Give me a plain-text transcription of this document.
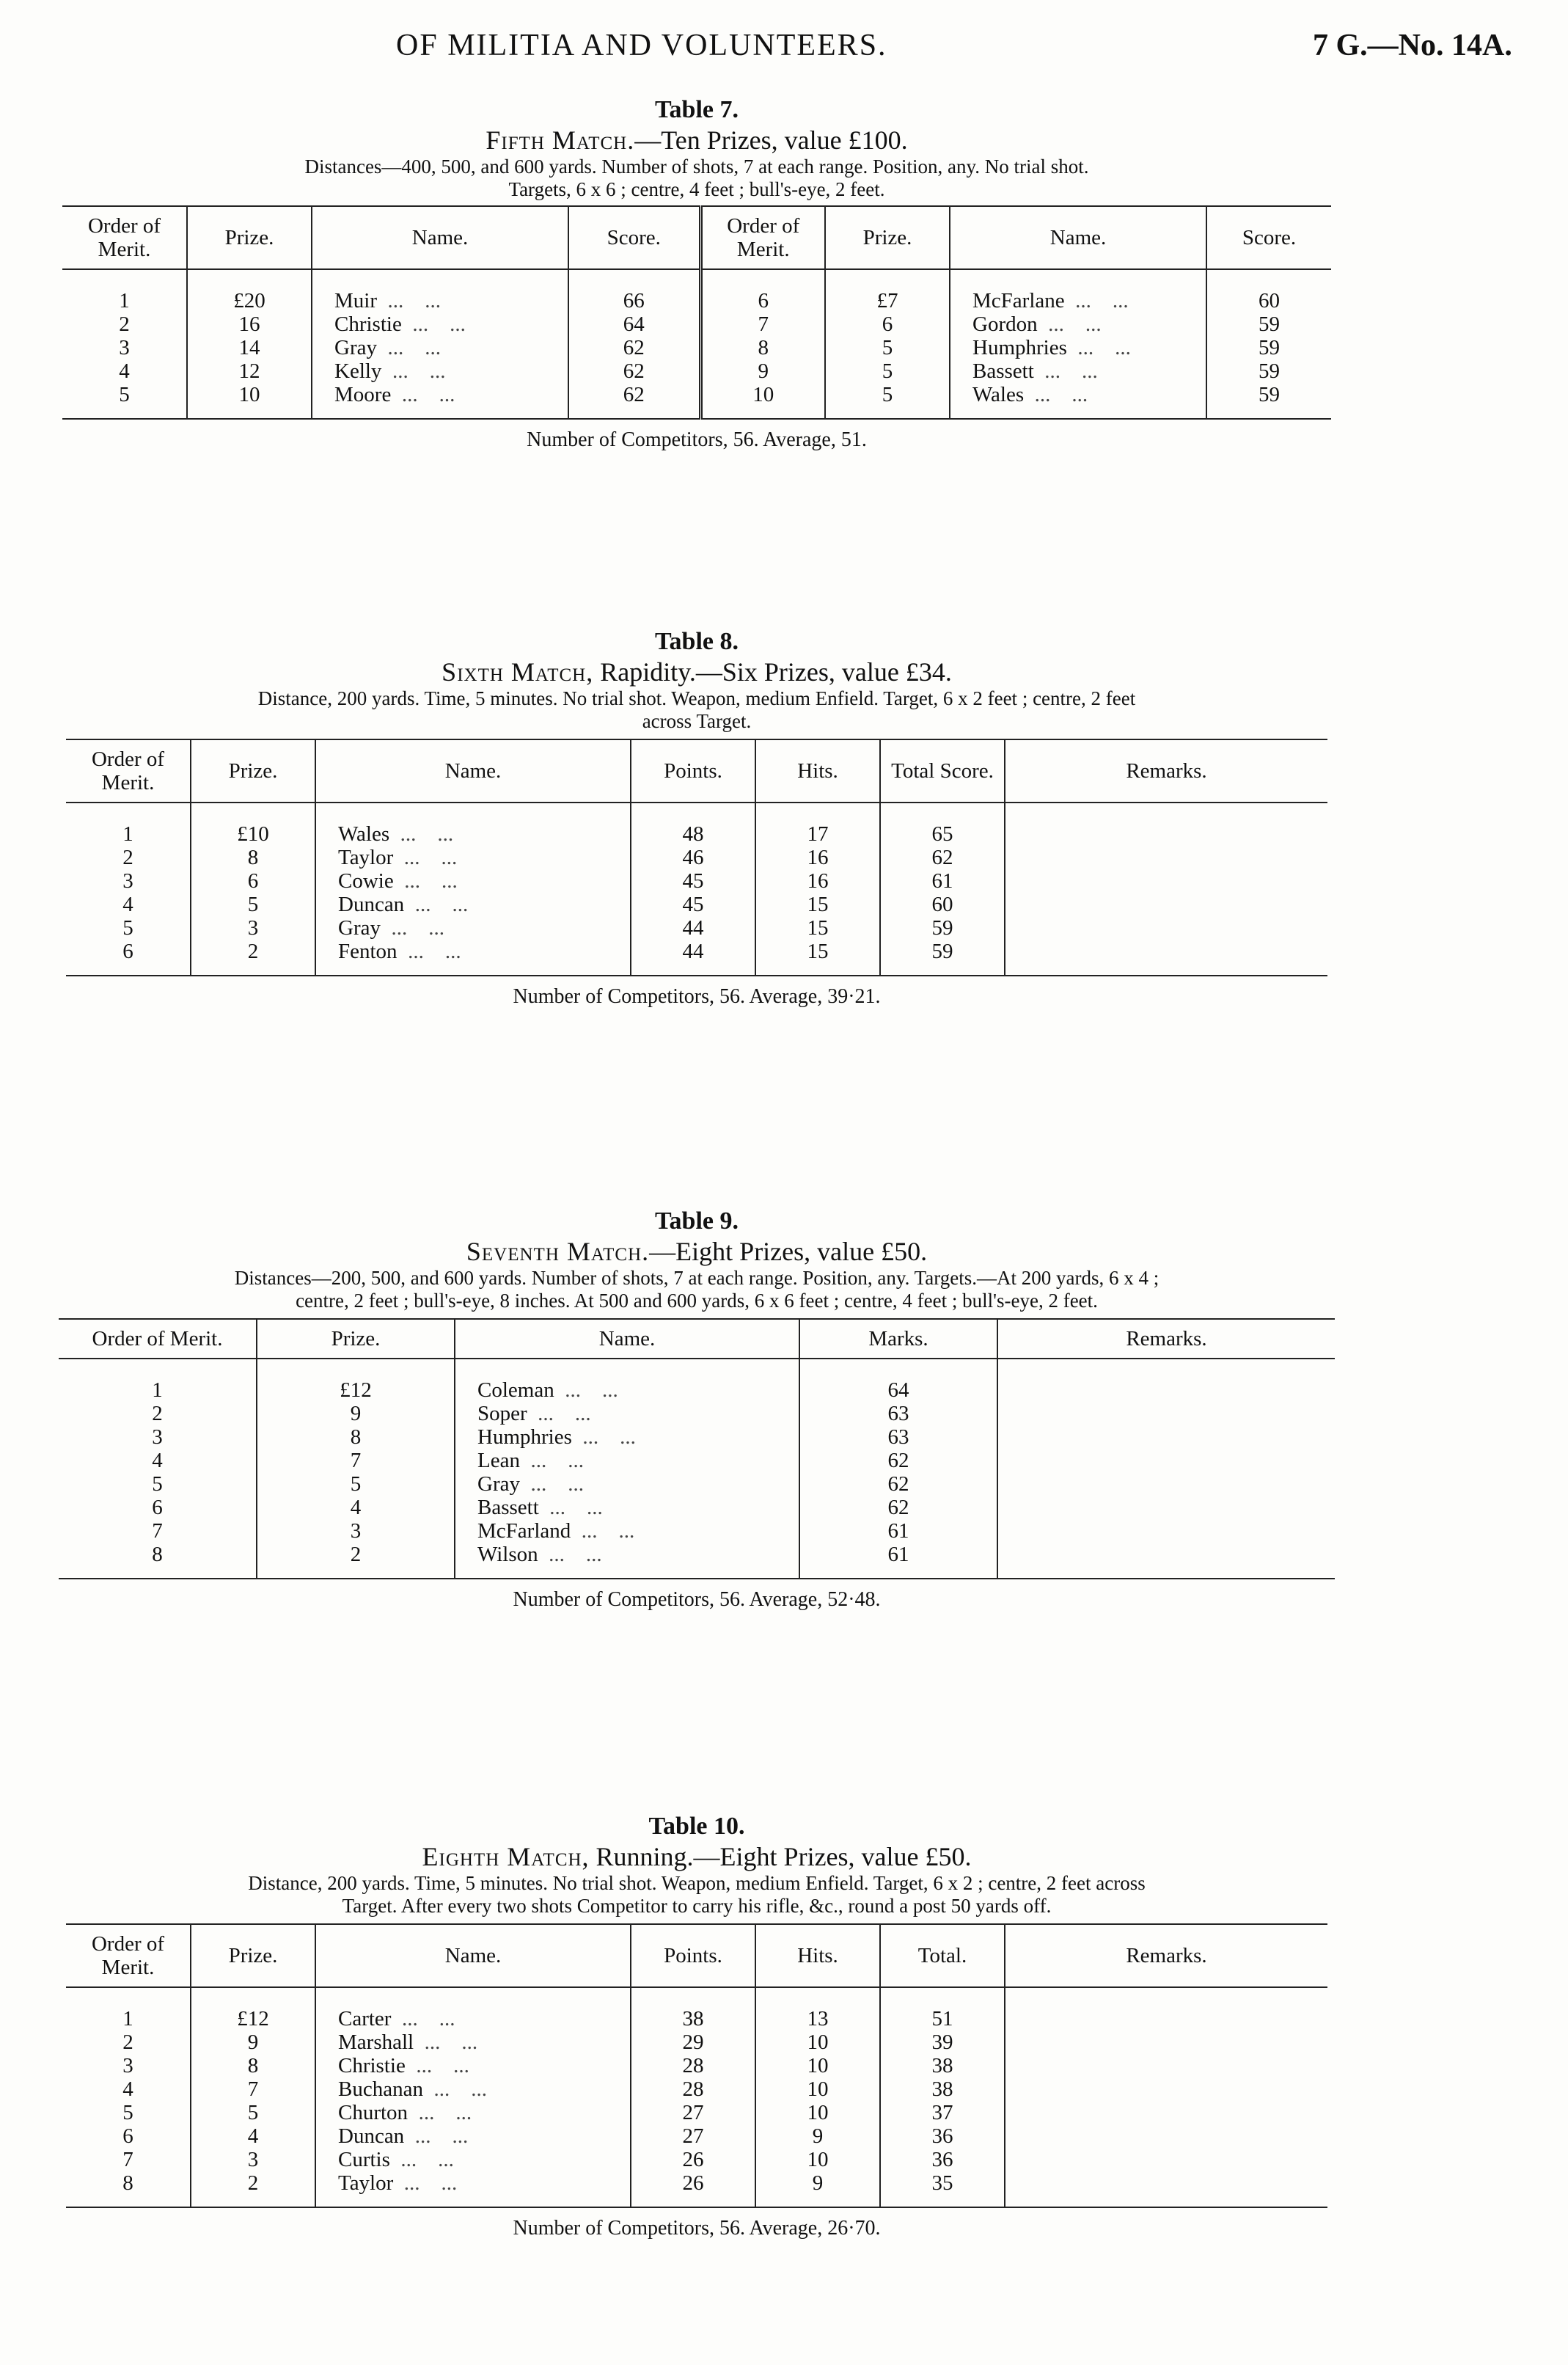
OF MILITIA AND VOLUNTEERS.	7 G.—No. 14A.
Table 7.
Fifth Match.—Ten Prizes, value £100.
Distances—400, 500, and 600 yards. Number of shots, 7 at each range. Position, any. No trial shot.
Targets, 6 x 6 ; centre, 4 feet ; bull's-eye, 2 feet.
Order of Merit.	Prize.	Name.	Score.	Order of Merit.	Prize.	Name.	Score.

1	£20	Muir  ...    ...	66	6	£7	McFarlane  ...    ...	60
2	16	Christie  ...    ...	64	7	6	Gordon  ...    ...	59
3	14	Gray  ...    ...	62	8	5	Humphries  ...    ...	59
4	12	Kelly  ...    ...	62	9	5	Bassett  ...    ...	59
5	10	Moore  ...    ...	62	10	5	Wales  ...    ...	59

Number of Competitors, 56. Average, 51.
Table 8.
Sixth Match, Rapidity.—Six Prizes, value £34.
Distance, 200 yards. Time, 5 minutes. No trial shot. Weapon, medium Enfield. Target, 6 x 2 feet ; centre, 2 feet
across Target.
Order of Merit.	Prize.	Name.	Points.	Hits.	Total Score.	Remarks.

1	£10	Wales  ...    ...	48	17	65	
2	8	Taylor  ...    ...	46	16	62	
3	6	Cowie  ...    ...	45	16	61	
4	5	Duncan  ...    ...	45	15	60	
5	3	Gray  ...    ...	44	15	59	
6	2	Fenton  ...    ...	44	15	59	

Number of Competitors, 56. Average, 39·21.
Table 9.
Seventh Match.—Eight Prizes, value £50.
Distances—200, 500, and 600 yards. Number of shots, 7 at each range. Position, any. Targets.—At 200 yards, 6 x 4 ;
centre, 2 feet ; bull's-eye, 8 inches. At 500 and 600 yards, 6 x 6 feet ; centre, 4 feet ; bull's-eye, 2 feet.
Order of Merit.	Prize.	Name.	Marks.	Remarks.

1	£12	Coleman  ...    ...	64	
2	9	Soper  ...    ...	63	
3	8	Humphries  ...    ...	63	
4	7	Lean  ...    ...	62	
5	5	Gray  ...    ...	62	
6	4	Bassett  ...    ...	62	
7	3	McFarland  ...    ...	61	
8	2	Wilson  ...    ...	61	

Number of Competitors, 56. Average, 52·48.
Table 10.
Eighth Match, Running.—Eight Prizes, value £50.
Distance, 200 yards. Time, 5 minutes. No trial shot. Weapon, medium Enfield. Target, 6 x 2 ; centre, 2 feet across
Target. After every two shots Competitor to carry his rifle, &c., round a post 50 yards off.
Order of Merit.	Prize.	Name.	Points.	Hits.	Total.	Remarks.

1	£12	Carter  ...    ...	38	13	51	
2	9	Marshall  ...    ...	29	10	39	
3	8	Christie  ...    ...	28	10	38	
4	7	Buchanan  ...    ...	28	10	38	
5	5	Churton  ...    ...	27	10	37	
6	4	Duncan  ...    ...	27	9	36	
7	3	Curtis  ...    ...	26	10	36	
8	2	Taylor  ...    ...	26	9	35	

Number of Competitors, 56. Average, 26·70.
